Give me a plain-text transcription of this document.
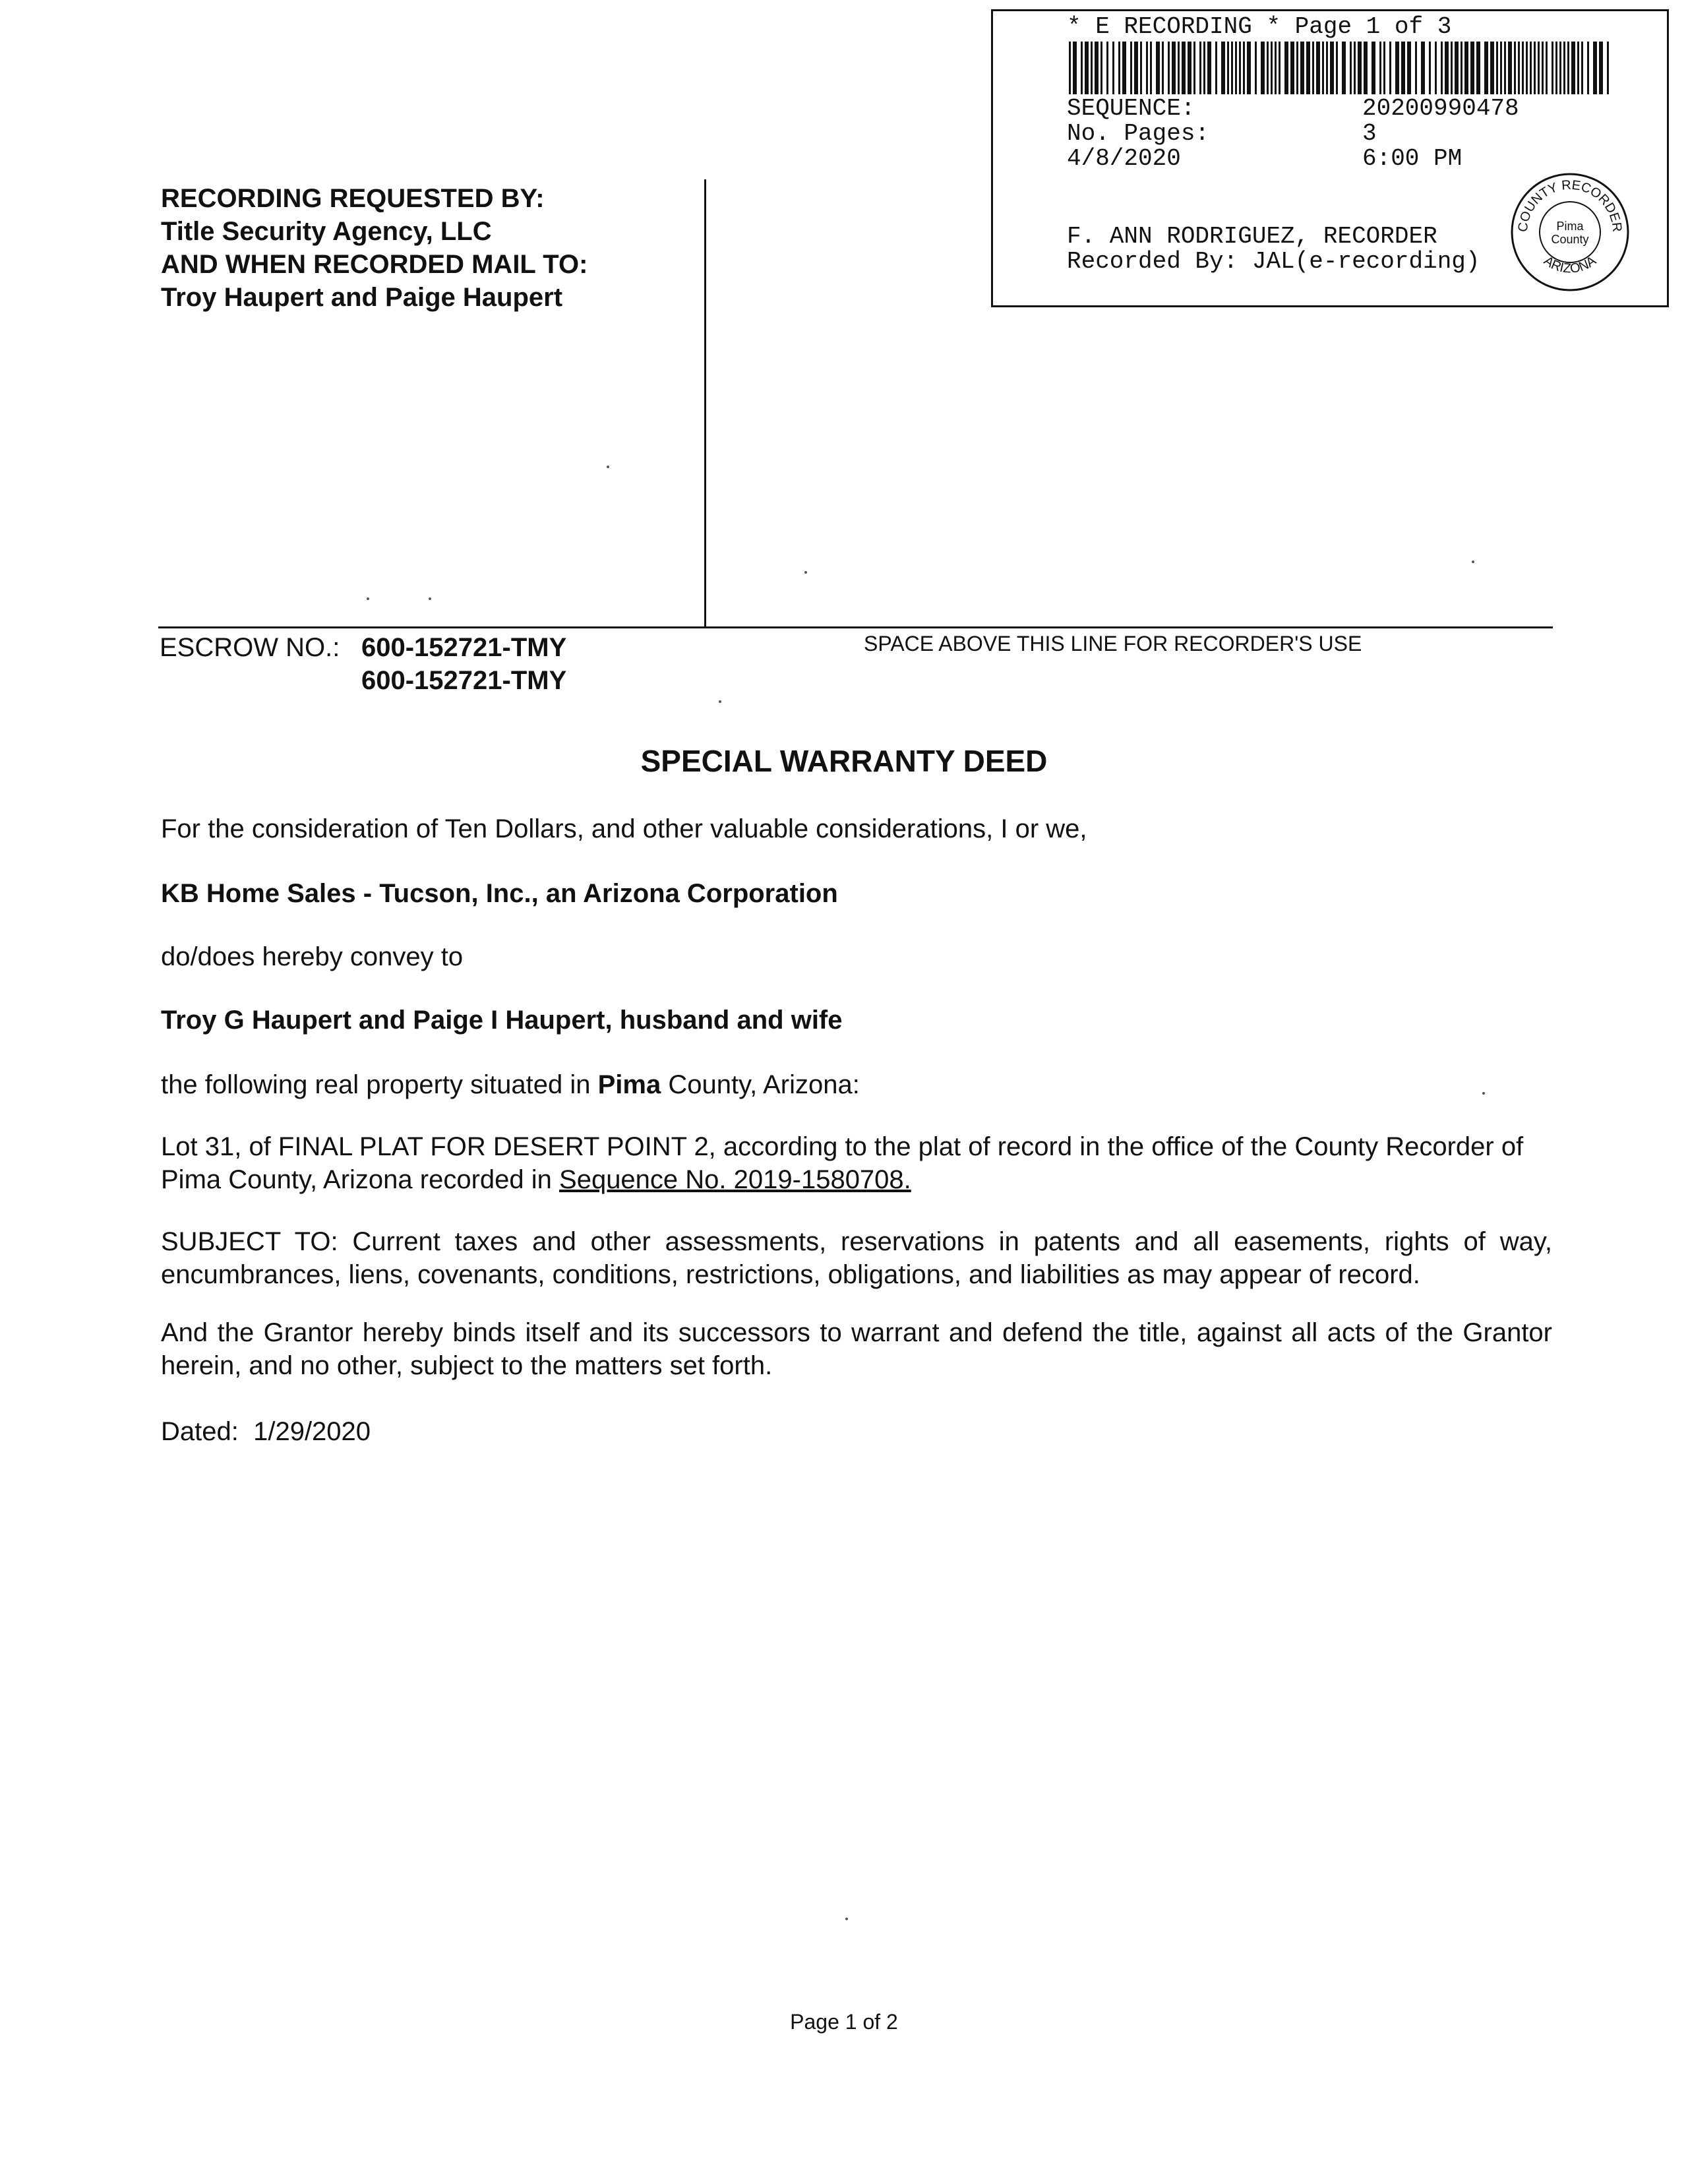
* E RECORDING * Page 1 of 3
SEQUENCE:	20200990478
No. Pages:	3
4/8/2020	6:00 PM
F. ANN RODRIGUEZ, RECORDER
Recorded By: JAL(e-recording)
COUNTY RECORDER
ARIZONA
Pima
County
RECORDING REQUESTED BY:
Title Security Agency, LLC
AND WHEN RECORDED MAIL TO:
Troy Haupert and Paige Haupert
ESCROW NO.: 600-152721-TMY
600-152721-TMY
SPACE ABOVE THIS LINE FOR RECORDER'S USE
SPECIAL WARRANTY DEED
For the consideration of Ten Dollars, and other valuable considerations, I or we,
KB Home Sales - Tucson, Inc., an Arizona Corporation
do/does hereby convey to
Troy G Haupert and Paige I Haupert, husband and wife
the following real property situated in Pima County, Arizona:
Lot 31, of FINAL PLAT FOR DESERT POINT 2, according to the plat of record in the office of the County Recorder of Pima County, Arizona recorded in Sequence No. 2019-1580708.
SUBJECT TO: Current taxes and other assessments, reservations in patents and all easements, rights of way, encumbrances, liens, covenants, conditions, restrictions, obligations, and liabilities as may appear of record.
And the Grantor hereby binds itself and its successors to warrant and defend the title, against all acts of the Grantor herein, and no other, subject to the matters set forth.
Dated: 1/29/2020
Page 1 of 2
